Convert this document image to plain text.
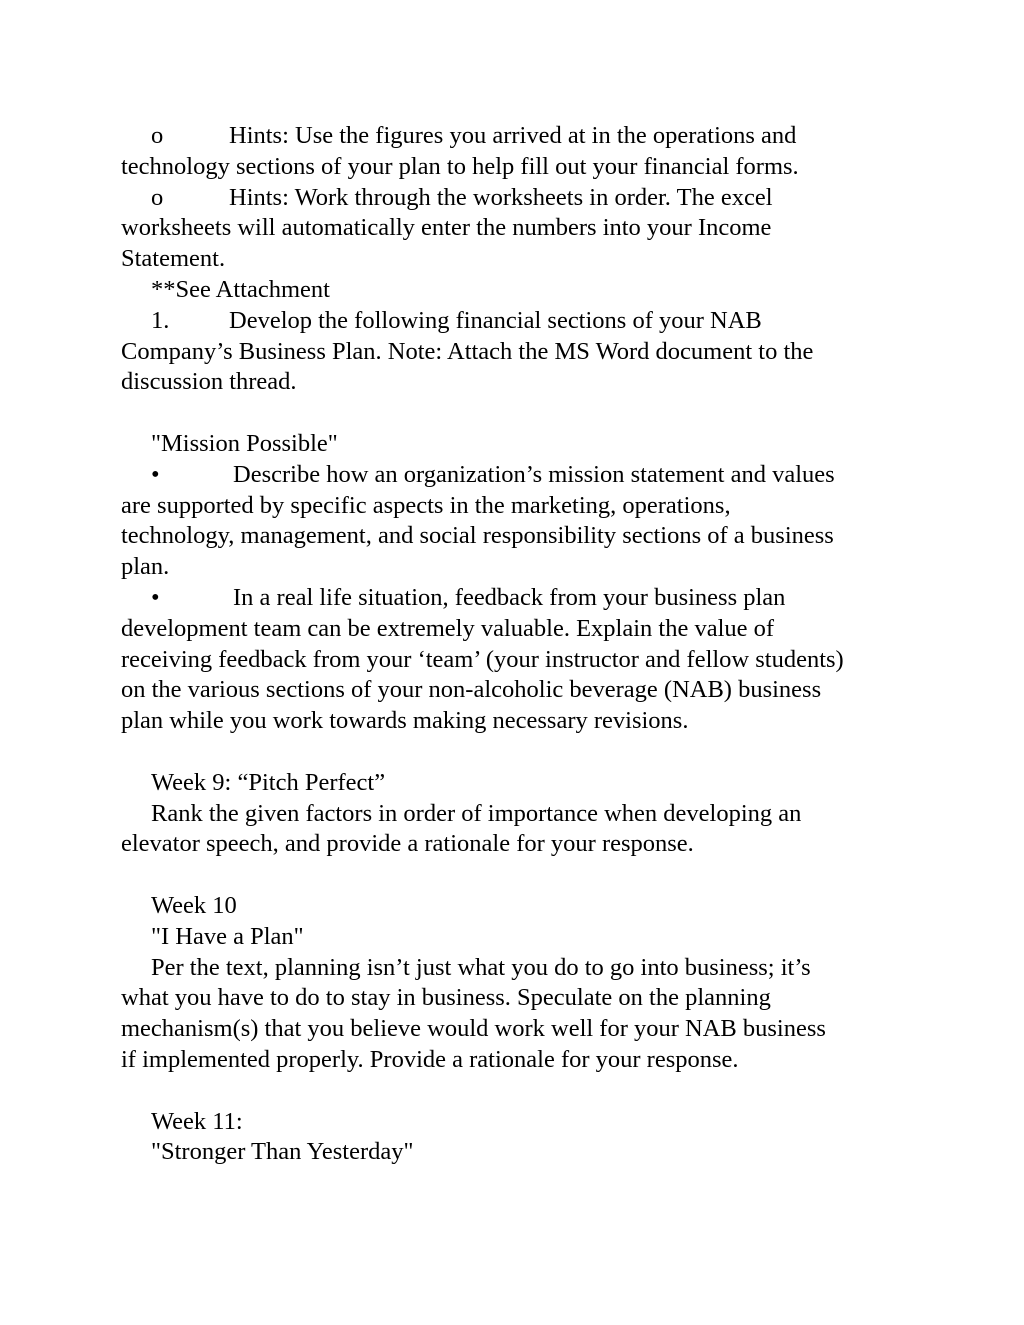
o	Hints: Use the figures you arrived at in the operations and
technology sections of your plan to help fill out your financial forms.
o	Hints: Work through the worksheets in order. The excel
worksheets will automatically enter the numbers into your Income
Statement.
**See Attachment
1. Develop the following financial sections of your NAB
Company’s Business Plan. Note: Attach the MS Word document to the
discussion thread.
"Mission Possible"
•	Describe how an organization’s mission statement and values
are supported by specific aspects in the marketing, operations,
technology, management, and social responsibility sections of a business
plan.
•	In a real life situation, feedback from your business plan
development team can be extremely valuable. Explain the value of
receiving feedback from your ‘team’ (your instructor and fellow students)
on the various sections of your non-alcoholic beverage (NAB) business
plan while you work towards making necessary revisions.
Week 9: “Pitch Perfect”
Rank the given factors in order of importance when developing an
elevator speech, and provide a rationale for your response.
Week 10
"I Have a Plan"
Per the text, planning isn’t just what you do to go into business; it’s
what you have to do to stay in business. Speculate on the planning
mechanism(s) that you believe would work well for your NAB business
if implemented properly. Provide a rationale for your response.
Week 11:
"Stronger Than Yesterday"
